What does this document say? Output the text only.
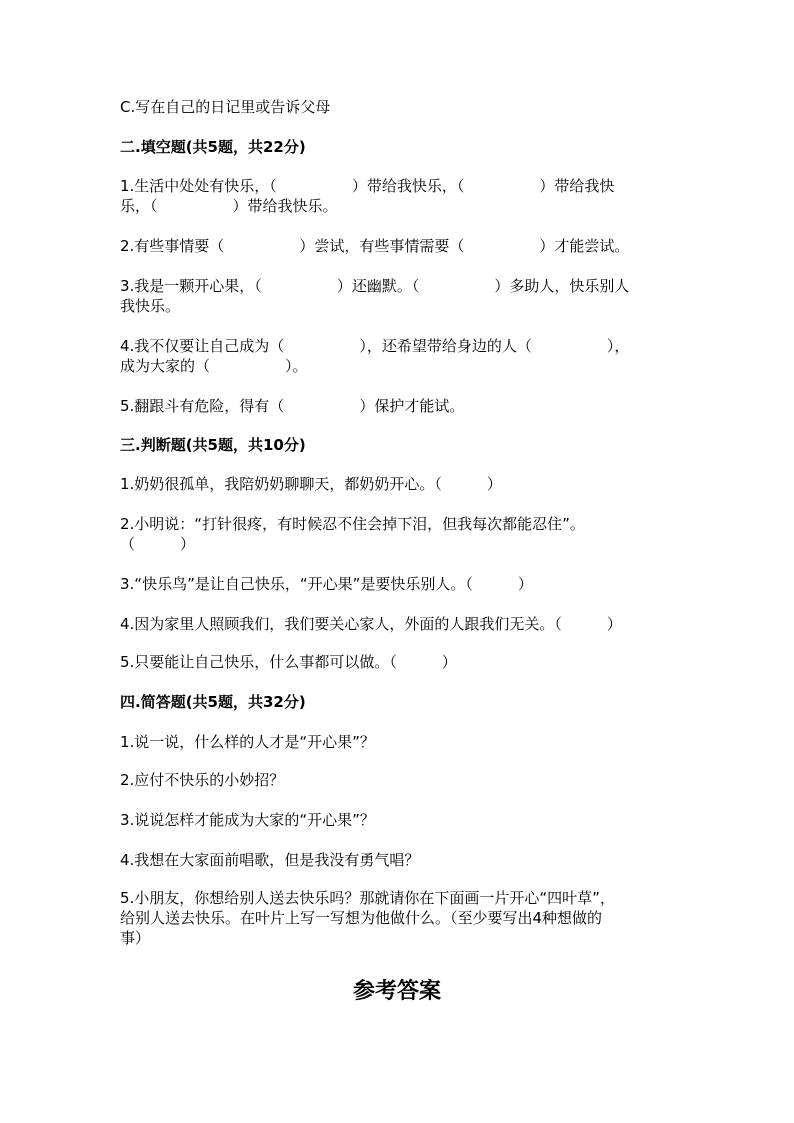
C.写在自己的日记里或告诉父母
二.填空题(共5题，共22分)
1.生活中处处有快乐，（　　　　　）带给我快乐，（　　　　　）带给我快
乐，（　　　　　）带给我快乐。
2.有些事情要（　　　　　）尝试，有些事情需要（　　　　　）才能尝试。
3.我是一颗开心果，（　　　　　）还幽默。（　　　　　）多助人，快乐别人
我快乐。
4.我不仅要让自己成为（　　　　　），还希望带给身边的人（　　　　　），
成为大家的（　　　　　）。
5.翻跟斗有危险，得有（　　　　　）保护才能试。
三.判断题(共5题，共10分)
1.奶奶很孤单，我陪奶奶聊聊天，都奶奶开心。（　　　）
2.小明说：“打针很疼，有时候忍不住会掉下泪，但我每次都能忍住”。
（　　　）
3.“快乐鸟”是让自己快乐，“开心果”是要快乐别人。（　　　）
4.因为家里人照顾我们，我们要关心家人，外面的人跟我们无关。（　　　）
5.只要能让自己快乐，什么事都可以做。（　　　）
四.简答题(共5题，共32分)
1.说一说，什么样的人才是“开心果”？
2.应付不快乐的小妙招？
3.说说怎样才能成为大家的“开心果”？
4.我想在大家面前唱歌，但是我没有勇气唱？
5.小朋友，你想给别人送去快乐吗？那就请你在下面画一片开心“四叶草”，
给别人送去快乐。在叶片上写一写想为他做什么。（至少要写出4种想做的
事）
参考答案
